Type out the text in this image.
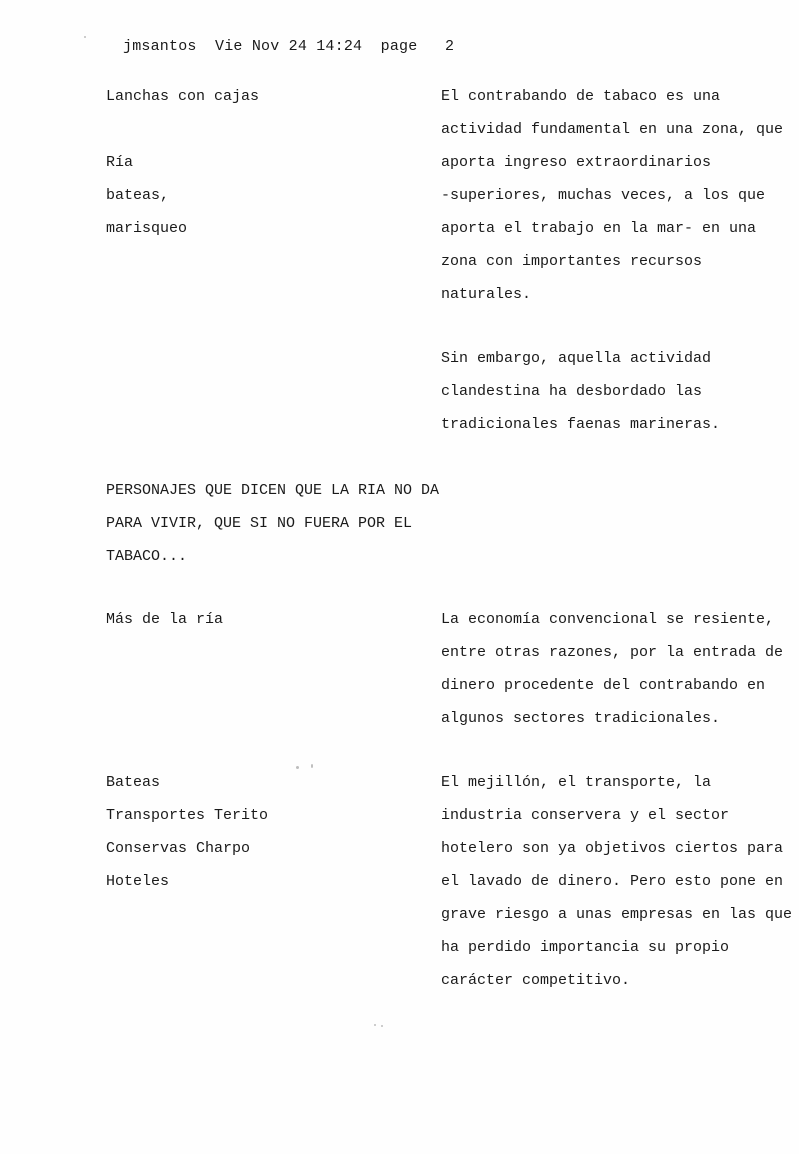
jmsantos  Vie Nov 24 14:24  page   2
Lanchas con cajas
Ría
bateas,
marisqueo
El contrabando de tabaco es una
actividad fundamental en una zona, que
aporta ingreso extraordinarios
-superiores, muchas veces, a los que
aporta el trabajo en la mar- en una
zona con importantes recursos
naturales.
Sin embargo, aquella actividad
clandestina ha desbordado las
tradicionales faenas marineras.
PERSONAJES QUE DICEN QUE LA RIA NO DA
PARA VIVIR, QUE SI NO FUERA POR EL
TABACO...
Más de la ría	La economía convencional se resiente,
entre otras razones, por la entrada de
dinero procedente del contrabando en
algunos sectores tradicionales.
Bateas
Transportes Terito
Conservas Charpo
Hoteles
El mejillón, el transporte, la
industria conservera y el sector
hotelero son ya objetivos ciertos para
el lavado de dinero. Pero esto pone en
grave riesgo a unas empresas en las que
ha perdido importancia su propio
carácter competitivo.
